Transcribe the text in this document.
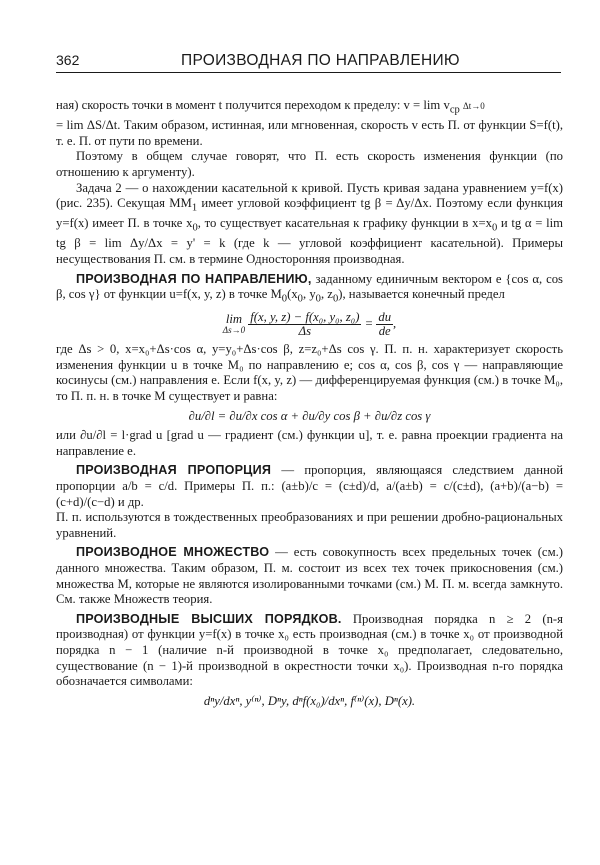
362	ПРОИЗВОДНАЯ ПО НАПРАВЛЕНИЮ

ная) скорость точки в момент t получится переходом к пределу: $v = \lim v_{ср}$ Δt→0

= lim ΔS/Δt. Таким образом, истинная, или мгновенная, скорость v есть П. от функции S=f(t), т. е. П. от пути по времени.

Поэтому в общем случае говорят, что П. есть скорость изменения функции (по отношению к аргументу).

Задача 2 — о нахождении касательной к кривой. Пусть кривая задана уравнением y=f(x) (рис. 235). Секущая $MM_1$ имеет угловой коэффициент tg β = Δy/Δx. Поэтому если функция y=f(x) имеет П. в точке $x_0$, то существует касательная к графику функции в $x=x_0$ и tg α = lim tg β = lim Δy/Δx = y' = k (где k — угловой коэффициент касательной). Примеры несуществования П. см. в термине Односторонняя производная.

ПРОИЗВОДНАЯ ПО НАПРАВЛЕНИЮ, заданному единичным вектором e {cos α, cos β, cos γ} от функции u=f(x, y, z) в точке $M_0(x_0$, $y_0$, $z_0$), называется конечный предел

lim
Δs→0
$\frac{\text{f(x, y, z) − f(x₀, y₀, z₀)}}{\Delta s} = \frac{du}{de}$ ,

где Δs > 0, x=x₀+Δs·cos α, y=y₀+Δs·cos β, z=z₀+Δs cos γ. П. п. н. характеризует скорость изменения функции u в точке M₀ по направлению e; cos α, cos β, cos γ — направляющие косинусы (см.) направления e. Если f(x, y, z) — дифференцируемая функция (см.) в точке M₀, то П. п. н. в точке M существует и равна:

∂u/∂l = ∂u/∂x cos α + ∂u/∂y cos β + ∂u/∂z cos γ

или ∂u/∂l = l·grad u [grad u — градиент (см.) функции u], т. е. равна проекции градиента на направление e.

ПРОИЗВОДНАЯ ПРОПОРЦИЯ — пропорция, являющаяся следствием данной пропорции a/b = c/d. Примеры П. п.: (a±b)/c = (c±d)/d, a/(a±b) = c/(c±d), (a+b)/(a−b) = (c+d)/(c−d) и др.

П. п. используются в тождественных преобразованиях и при решении дробно-рациональных уравнений.

ПРОИЗВОДНОЕ МНОЖЕСТВО — есть совокупность всех предельных точек (см.) данного множества. Таким образом, П. м. состоит из всех тех точек прикосновения (см.) множества M, которые не являются изолированными точками (см.) M. П. м. всегда замкнуто. См. также Множеств теория.

ПРОИЗВОДНЫЕ ВЫСШИХ ПОРЯДКОВ. Производная порядка n ≥ 2 (n-я производная) от функции y=f(x) в точке x₀ есть производная (см.) в точке x₀ от производной порядка n − 1 (наличие n-й производной в точке x₀ предполагает, следовательно, существование (n − 1)-й производной в окрестности точки x₀). Производная n-го порядка обозначается символами:

dⁿy/dxⁿ, y⁽ⁿ⁾, Dⁿy, dⁿf(x₀)/dxⁿ, f⁽ⁿ⁾(x), Dⁿ(x).
